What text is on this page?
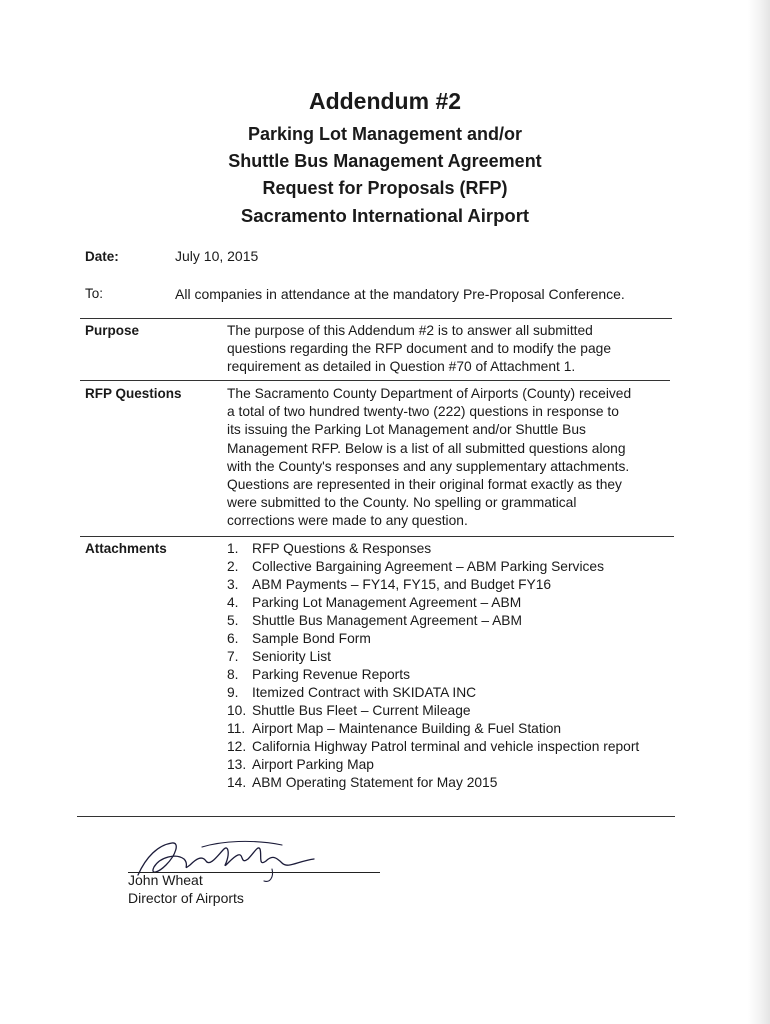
Addendum #2
Parking Lot Management and/or
Shuttle Bus Management Agreement
Request for Proposals (RFP)
Sacramento International Airport
Date:	July 10, 2015
To:	All companies in attendance at the mandatory Pre-Proposal Conference.
Purpose	The purpose of this Addendum #2 is to answer all submitted
questions regarding the RFP document and to modify the page
requirement as detailed in Question #70 of Attachment 1.
RFP Questions	The Sacramento County Department of Airports (County) received
a total of two hundred twenty-two (222) questions in response to
its issuing the Parking Lot Management and/or Shuttle Bus
Management RFP. Below is a list of all submitted questions along
with the County's responses and any supplementary attachments.
Questions are represented in their original format exactly as they
were submitted to the County. No spelling or grammatical
corrections were made to any question.
Attachments	1. RFP Questions & Responses
2. Collective Bargaining Agreement – ABM Parking Services
3. ABM Payments – FY14, FY15, and Budget FY16
4. Parking Lot Management Agreement – ABM
5. Shuttle Bus Management Agreement – ABM
6. Sample Bond Form
7. Seniority List
8. Parking Revenue Reports
9. Itemized Contract with SKIDATA INC
10. Shuttle Bus Fleet – Current Mileage
11. Airport Map – Maintenance Building & Fuel Station
12. California Highway Patrol terminal and vehicle inspection report
13. Airport Parking Map
14. ABM Operating Statement for May 2015
John Wheat
Director of Airports
